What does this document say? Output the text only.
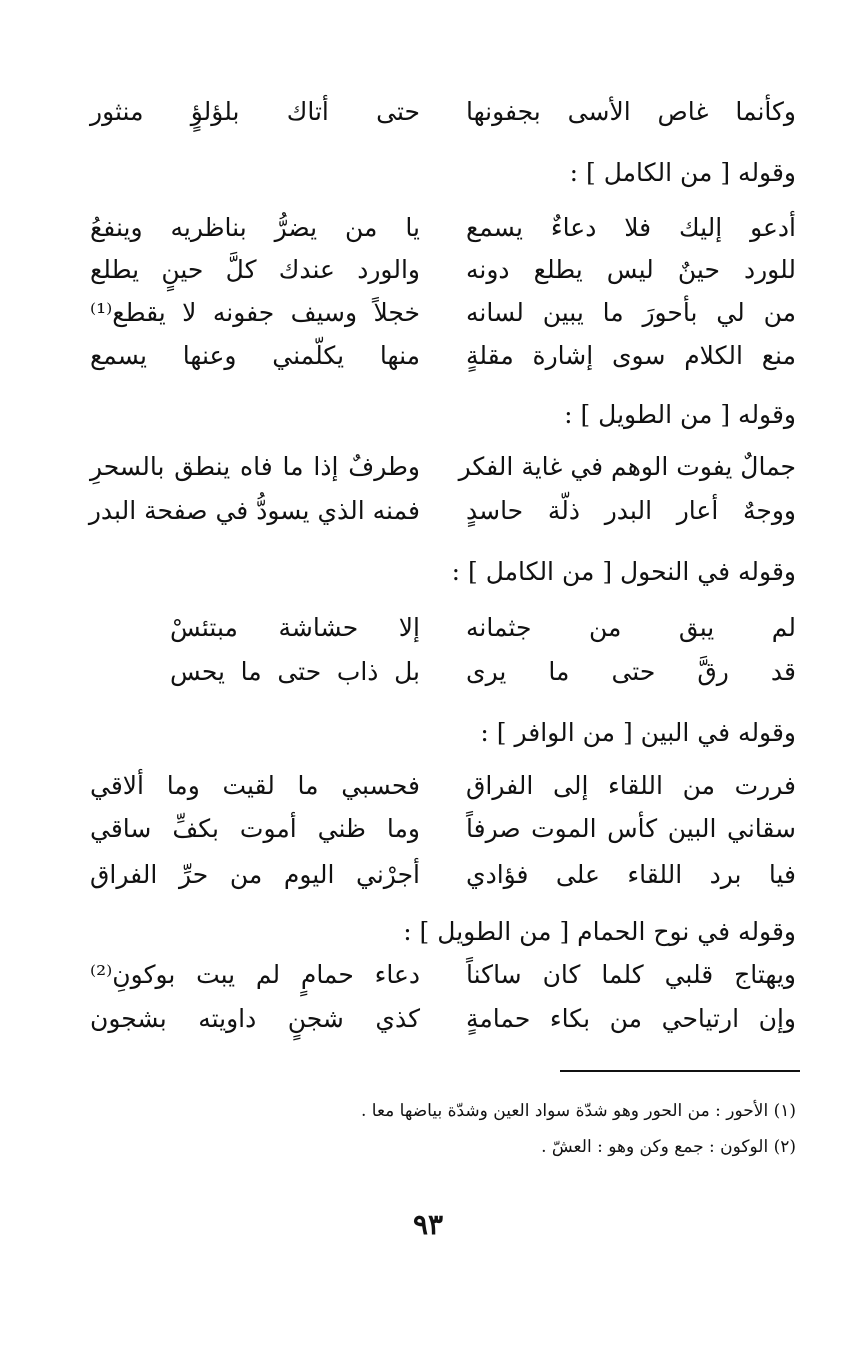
وكأنما غاص الأسى بجفونها
حتى أتاك بلؤلؤٍ منثور
وقوله [ من الكامل ] :
أدعو إليك فلا دعاءٌ يسمع
يا من يضرُّ بناظريه وينفعُ
للورد حينٌ ليس يطلع دونه
والورد عندك كلَّ حينٍ يطلع
من لي بأحورَ ما يبين لسانه
خجلاً وسيف جفونه لا يقطع⁽¹⁾
منع الكلام سوى إشارة مقلةٍ
منها يكلّمني وعنها يسمع
وقوله [ من الطويل ] :
جمالٌ يفوت الوهم في غاية الفكر
وطرفٌ إذا ما فاه ينطق بالسحرِ
ووجهٌ أعار البدر ذلّة حاسدٍ
فمنه الذي يسودُّ في صفحة البدر
وقوله في النحول [ من الكامل ] :
لم يبق من جثمانه
إلا حشاشة مبتئسْ
قد رقَّ حتى ما يرى
بل ذاب حتى ما يحس
وقوله في البين [ من الوافر ] :
فررت من اللقاء إلى الفراق
فحسبي ما لقيت وما ألاقي
سقاني البين كأس الموت صرفاً
وما ظني أموت بكفِّ ساقي
فيا برد اللقاء على فؤادي
أجرْني اليوم من حرِّ الفراق
وقوله في نوح الحمام [ من الطويل ] :
ويهتاج قلبي كلما كان ساكناً
دعاء حمامٍ لم يبت بوكونِ⁽²⁾
وإن ارتياحي من بكاء حمامةٍ
كذي شجنٍ داويته بشجون
(١) الأحور : من الحور وهو شدّة سواد العين وشدّة بياضها معا .
(٢) الوكون : جمع وكن وهو : العشّ .
٩٣
